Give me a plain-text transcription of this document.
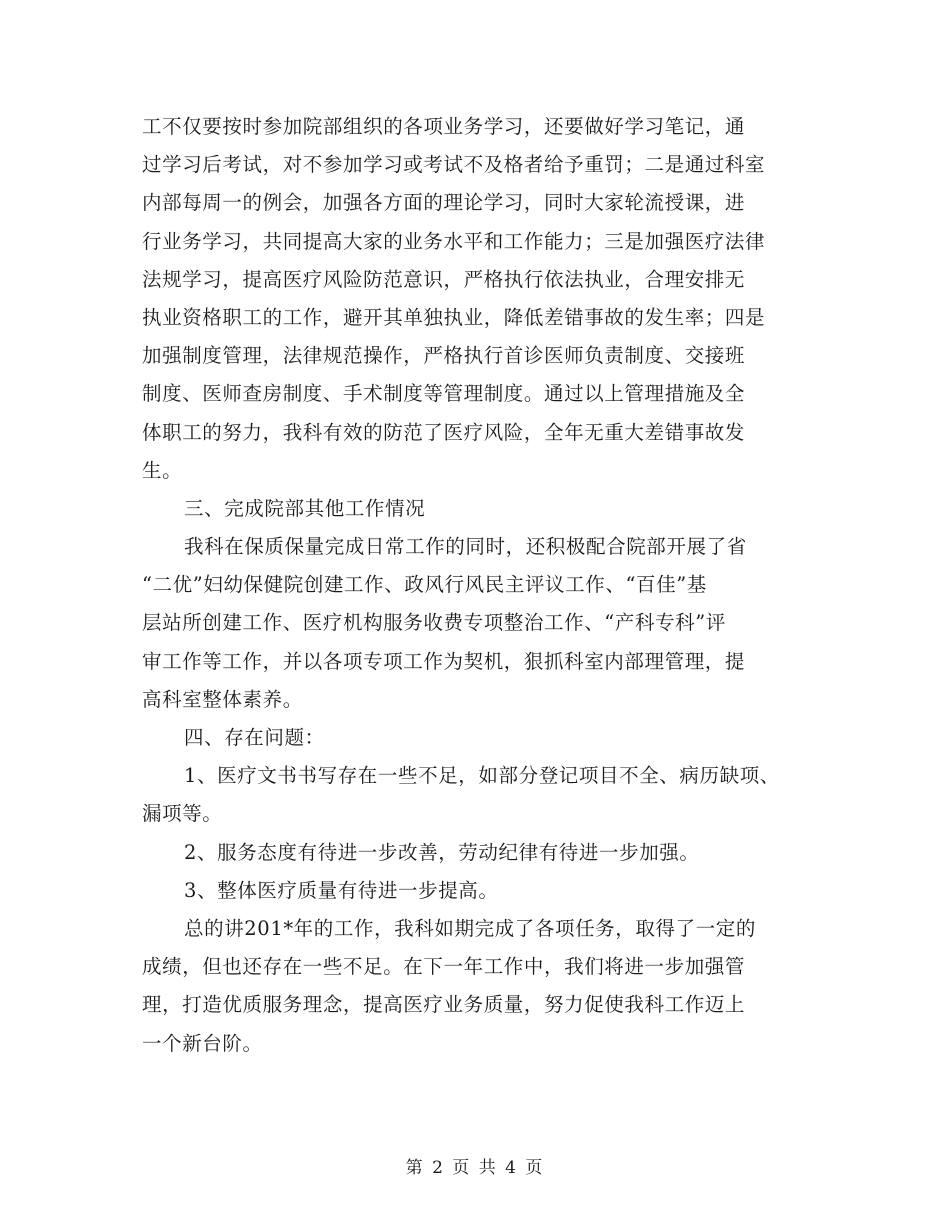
工不仅要按时参加院部组织的各项业务学习，还要做好学习笔记，通
过学习后考试，对不参加学习或考试不及格者给予重罚；二是通过科室
内部每周一的例会，加强各方面的理论学习，同时大家轮流授课，进
行业务学习，共同提高大家的业务水平和工作能力；三是加强医疗法律
法规学习，提高医疗风险防范意识，严格执行依法执业，合理安排无
执业资格职工的工作，避开其单独执业，降低差错事故的发生率；四是
加强制度管理，法律规范操作，严格执行首诊医师负责制度、交接班
制度、医师查房制度、手术制度等管理制度。通过以上管理措施及全
体职工的努力，我科有效的防范了医疗风险，全年无重大差错事故发
生。
三、完成院部其他工作情况
我科在保质保量完成日常工作的同时，还积极配合院部开展了省
“二优”妇幼保健院创建工作、政风行风民主评议工作、“百佳”基
层站所创建工作、医疗机构服务收费专项整治工作、“产科专科”评
审工作等工作，并以各项专项工作为契机，狠抓科室内部理管理，提
高科室整体素养。
四、存在问题：
1、医疗文书书写存在一些不足，如部分登记项目不全、病历缺项、
漏项等。
2、服务态度有待进一步改善，劳动纪律有待进一步加强。
3、整体医疗质量有待进一步提高。
总的讲201*年的工作，我科如期完成了各项任务，取得了一定的
成绩，但也还存在一些不足。在下一年工作中，我们将进一步加强管
理，打造优质服务理念，提高医疗业务质量，努力促使我科工作迈上
一个新台阶。
第 2 页 共 4 页
